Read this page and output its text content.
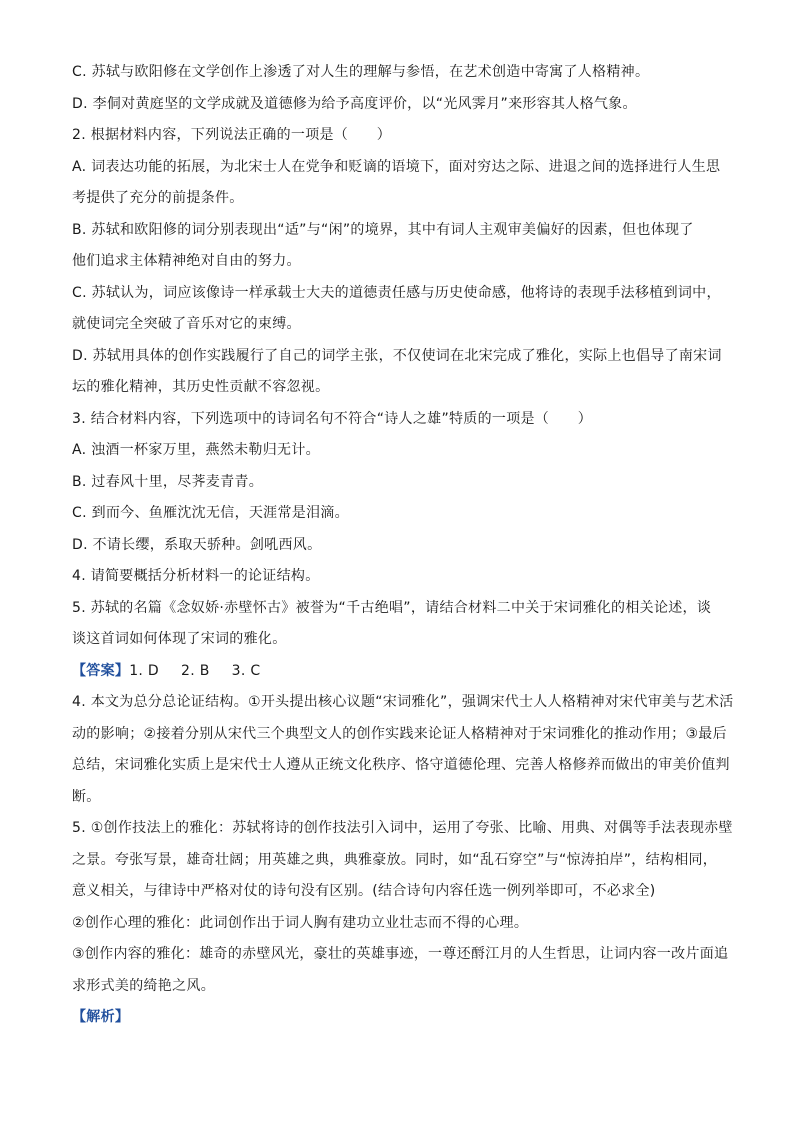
C. 苏轼与欧阳修在文学创作上渗透了对人生的理解与参悟，在艺术创造中寄寓了人格精神。
D. 李侗对黄庭坚的文学成就及道德修为给予高度评价，以“光风霁月”来形容其人格气象。
2. 根据材料内容，下列说法正确的一项是（　　）
A. 词表达功能的拓展，为北宋士人在党争和贬谪的语境下，面对穷达之际、进退之间的选择进行人生思
考提供了充分的前提条件。
B. 苏轼和欧阳修的词分别表现出“适”与“闲”的境界，其中有词人主观审美偏好的因素，但也体现了
他们追求主体精神绝对自由的努力。
C. 苏轼认为，词应该像诗一样承载士大夫的道德责任感与历史使命感，他将诗的表现手法移植到词中，
就使词完全突破了音乐对它的束缚。
D. 苏轼用具体的创作实践履行了自己的词学主张，不仅使词在北宋完成了雅化，实际上也倡导了南宋词
坛的雅化精神，其历史性贡献不容忽视。
3. 结合材料内容，下列选项中的诗词名句不符合“诗人之雄”特质的一项是（　　）
A. 浊酒一杯家万里，燕然未勒归无计。
B. 过春风十里，尽荠麦青青。
C. 到而今、鱼雁沈沈无信，天涯常是泪滴。
D. 不请长缨，系取天骄种。剑吼西风。
4. 请简要概括分析材料一的论证结构。
5. 苏轼的名篇《念奴娇·赤壁怀古》被誉为“千古绝唱”，请结合材料二中关于宋词雅化的相关论述，谈
谈这首词如何体现了宋词的雅化。
【答案】1. D 2. B 3. C
4. 本文为总分总论证结构。①开头提出核心议题“宋词雅化”，强调宋代士人人格精神对宋代审美与艺术活
动的影响；②接着分别从宋代三个典型文人的创作实践来论证人格精神对于宋词雅化的推动作用；③最后
总结，宋词雅化实质上是宋代士人遵从正统文化秩序、恪守道德伦理、完善人格修养而做出的审美价值判
断。
5. ①创作技法上的雅化：苏轼将诗的创作技法引入词中，运用了夸张、比喻、用典、对偶等手法表现赤壁
之景。夸张写景，雄奇壮阔；用英雄之典，典雅豪放。同时，如“乱石穿空”与“惊涛拍岸”，结构相同，
意义相关，与律诗中严格对仗的诗句没有区别。(结合诗句内容任选一例列举即可，不必求全)
②创作心理的雅化：此词创作出于词人胸有建功立业壮志而不得的心理。
③创作内容的雅化：雄奇的赤壁风光，豪壮的英雄事迹，一尊还酹江月的人生哲思，让词内容一改片面追
求形式美的绮艳之风。
【解析】
